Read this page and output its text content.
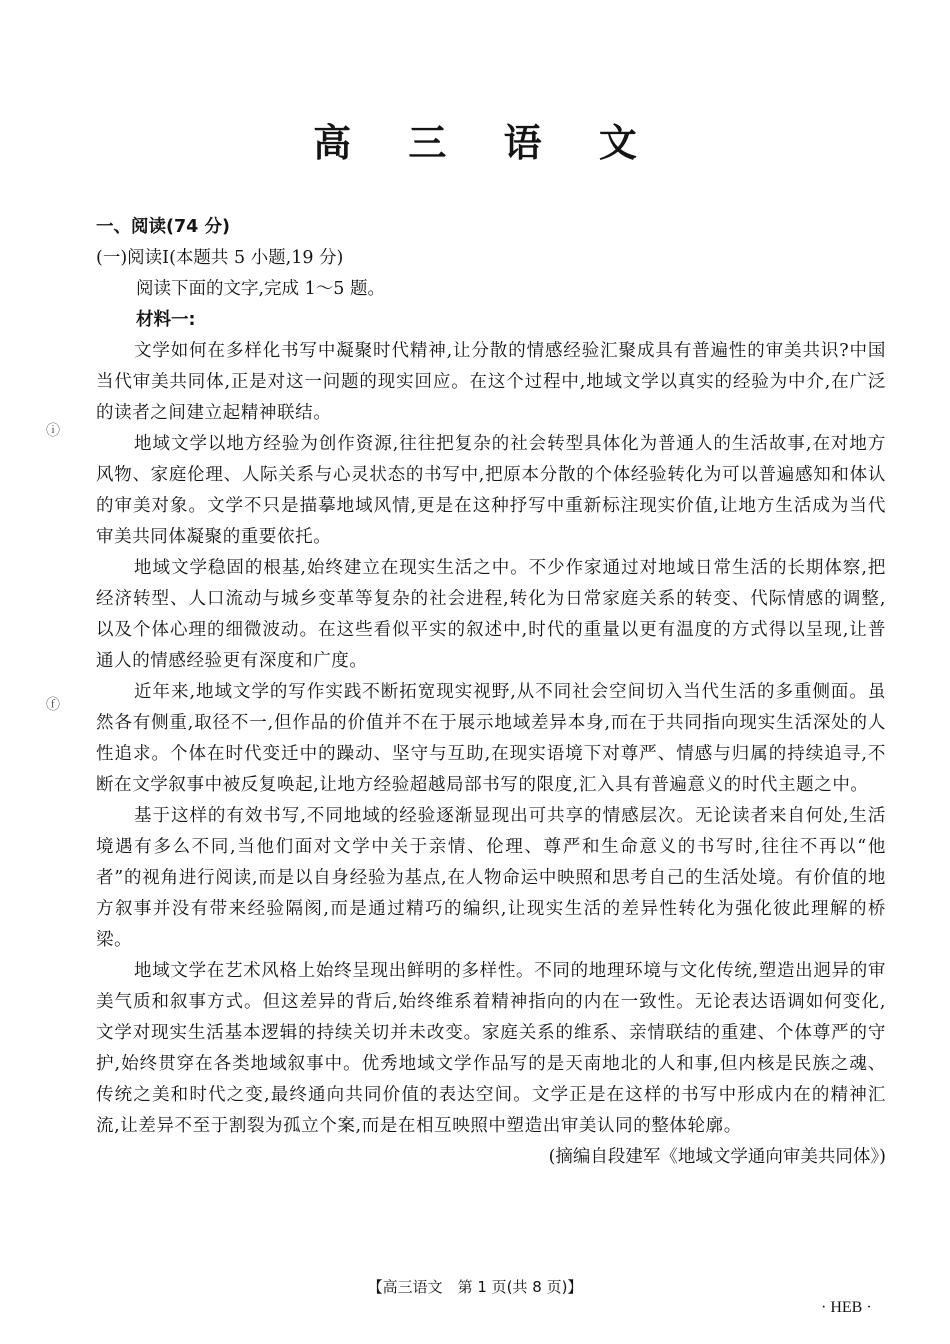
高 三 语 文
ⓘ
ⓕ

一、阅读(74 分)

(一)阅读Ⅰ(本题共 5 小题,19 分)

阅读下面的文字,完成 1～5 题。

材料一:

文学如何在多样化书写中凝聚时代精神,让分散的情感经验汇聚成具有普遍性的审美共识?中国当代审美共同体,正是对这一问题的现实回应。在这个过程中,地域文学以真实的经验为中介,在广泛的读者之间建立起精神联结。

地域文学以地方经验为创作资源,往往把复杂的社会转型具体化为普通人的生活故事,在对地方风物、家庭伦理、人际关系与心灵状态的书写中,把原本分散的个体经验转化为可以普遍感知和体认的审美对象。文学不只是描摹地域风情,更是在这种抒写中重新标注现实价值,让地方生活成为当代审美共同体凝聚的重要依托。

地域文学稳固的根基,始终建立在现实生活之中。不少作家通过对地域日常生活的长期体察,把经济转型、人口流动与城乡变革等复杂的社会进程,转化为日常家庭关系的转变、代际情感的调整,以及个体心理的细微波动。在这些看似平实的叙述中,时代的重量以更有温度的方式得以呈现,让普通人的情感经验更有深度和广度。

近年来,地域文学的写作实践不断拓宽现实视野,从不同社会空间切入当代生活的多重侧面。虽然各有侧重,取径不一,但作品的价值并不在于展示地域差异本身,而在于共同指向现实生活深处的人性追求。个体在时代变迁中的躁动、坚守与互助,在现实语境下对尊严、情感与归属的持续追寻,不断在文学叙事中被反复唤起,让地方经验超越局部书写的限度,汇入具有普遍意义的时代主题之中。

基于这样的有效书写,不同地域的经验逐渐显现出可共享的情感层次。无论读者来自何处,生活境遇有多么不同,当他们面对文学中关于亲情、伦理、尊严和生命意义的书写时,往往不再以“他者”的视角进行阅读,而是以自身经验为基点,在人物命运中映照和思考自己的生活处境。有价值的地方叙事并没有带来经验隔阂,而是通过精巧的编织,让现实生活的差异性转化为强化彼此理解的桥梁。

地域文学在艺术风格上始终呈现出鲜明的多样性。不同的地理环境与文化传统,塑造出迥异的审美气质和叙事方式。但这差异的背后,始终维系着精神指向的内在一致性。无论表达语调如何变化,文学对现实生活基本逻辑的持续关切并未改变。家庭关系的维系、亲情联结的重建、个体尊严的守护,始终贯穿在各类地域叙事中。优秀地域文学作品写的是天南地北的人和事,但内核是民族之魂、传统之美和时代之变,最终通向共同价值的表达空间。文学正是在这样的书写中形成内在的精神汇流,让差异不至于割裂为孤立个案,而是在相互映照中塑造出审美认同的整体轮廓。

(摘编自段建军《地域文学通向审美共同体》)

【高三语文　第 1 页(共 8 页)】
· HEB ·
